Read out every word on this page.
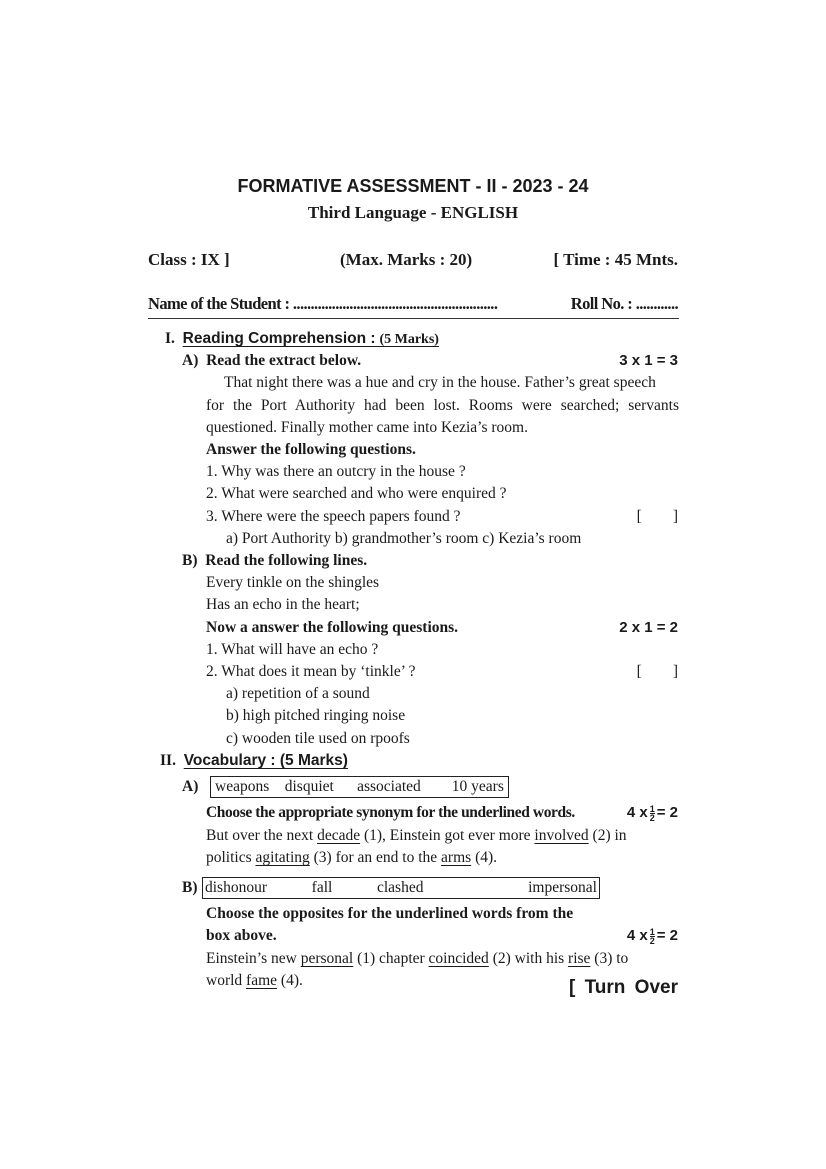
FORMATIVE ASSESSMENT - II - 2023 - 24
Third Language - ENGLISH
Class : IX ]	(Max. Marks : 20)	[ Time : 45 Mnts.
Name of the Student : ..........................................................	Roll No. : ............
I. Reading Comprehension : (5 Marks)
A) Read the extract below.	3 x 1 = 3
That night there was a hue and cry in the house. Father’s great speech
for the Port Authority had been lost. Rooms were searched; servants
questioned. Finally mother came into Kezia’s room.
Answer the following questions.
1. Why was there an outcry in the house ?
2. What were searched and who were enquired ?
3. Where were the speech papers found ?	[        ]
a) Port Authority b) grandmother’s room c) Kezia’s room
B) Read the following lines.
Every tinkle on the shingles
Has an echo in the heart;
Now a answer the following questions.	2 x 1 = 2
1. What will have an echo ?
2. What does it mean by ‘tinkle’ ?	[        ]
a) repetition of a sound
b) high pitched ringing noise
c) wooden tile used on rpoofs
II. Vocabulary : (5 Marks)
A)	weapons disquiet associated 10 years
Choose the appropriate synonym for the underlined words.	4 x $\frac{1}{2} = 2$
But over the next decade (1), Einstein got ever more involved (2) in
politics agitating (3) for an end to the arms (4).
B) dishonour	fall	clashed	impersonal
Choose the opposites for the underlined words from the
box above.	4 x $\frac{1}{2} = 2$
Einstein’s new personal (1) chapter coincided (2) with his rise (3) to
world fame (4).	[ Turn Over
